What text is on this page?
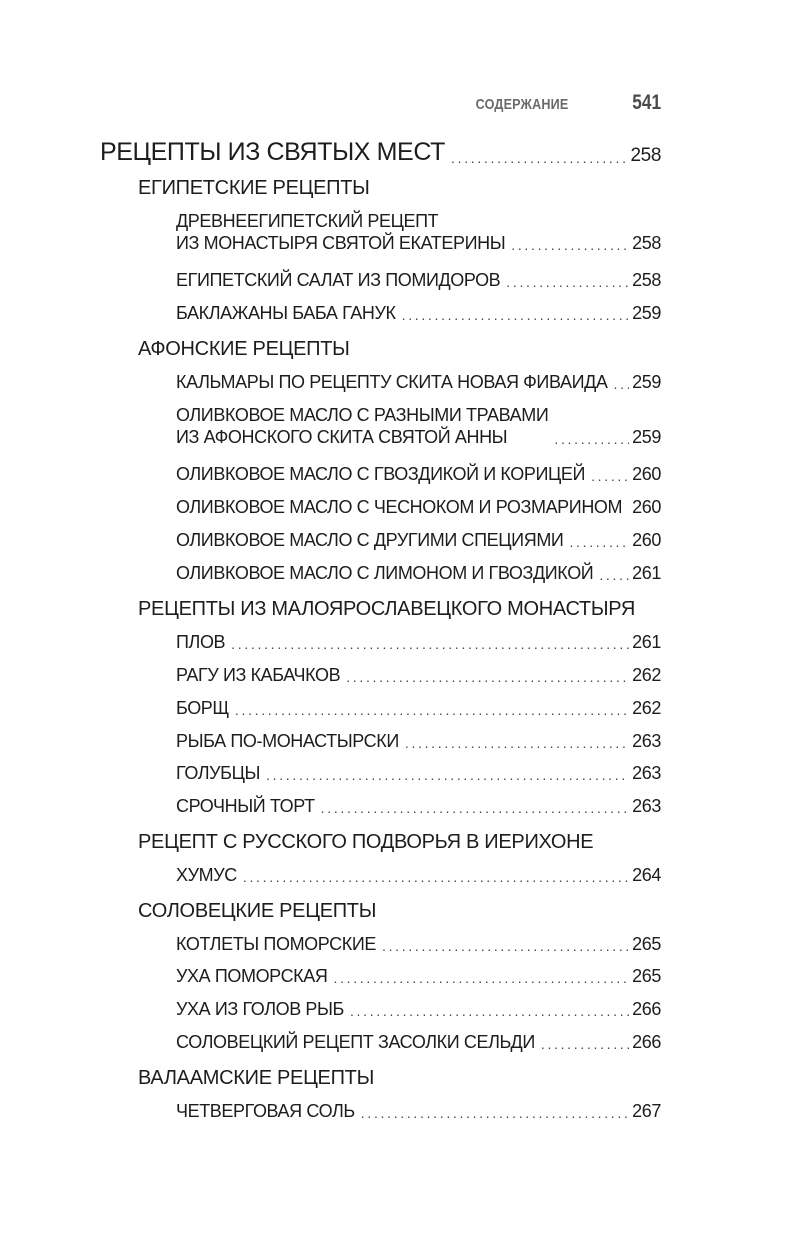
СОДЕРЖАНИЕ	541
РЕЦЕПТЫ ИЗ СВЯТЫХ МЕСТ . . .	258
ЕГИПЕТСКИЕ РЕЦЕПТЫ
ДРЕВНЕЕГИПЕТСКИЙ РЕЦЕПТ
ИЗ МОНАСТЫРЯ СВЯТОЙ ЕКАТЕРИНЫ . . .	258
ЕГИПЕТСКИЙ САЛАТ ИЗ ПОМИДОРОВ . . .	258
БАКЛАЖАНЫ БАБА ГАНУК . . .	259
АФОНСКИЕ РЕЦЕПТЫ
КАЛЬМАРЫ ПО РЕЦЕПТУ СКИТА НОВАЯ ФИВАИДА . . . 259
ОЛИВКОВОЕ МАСЛО С РАЗНЫМИ ТРАВАМИ
ИЗ АФОНСКОГО СКИТА СВЯТОЙ АННЫ . . .	259
ОЛИВКОВОЕ МАСЛО С ГВОЗДИКОЙ И КОРИЦЕЙ . . .	260
ОЛИВКОВОЕ МАСЛО С ЧЕСНОКОМ И РОЗМАРИНОМ . . . 260
ОЛИВКОВОЕ МАСЛО С ДРУГИМИ СПЕЦИЯМИ . . .	260
ОЛИВКОВОЕ МАСЛО С ЛИМОНОМ И ГВОЗДИКОЙ . . . 261
РЕЦЕПТЫ ИЗ МАЛОЯРОСЛАВЕЦКОГО МОНАСТЫРЯ
ПЛОВ . . .	261
РАГУ ИЗ КАБАЧКОВ . . .	262
БОРЩ . . .	262
РЫБА ПО-МОНАСТЫРСКИ . . .	263
ГОЛУБЦЫ . . .	263
СРОЧНЫЙ ТОРТ . . .	263
РЕЦЕПТ С РУССКОГО ПОДВОРЬЯ В ИЕРИХОНЕ
ХУМУС . . .	264
СОЛОВЕЦКИЕ РЕЦЕПТЫ
КОТЛЕТЫ ПОМОРСКИЕ . . .	265
УХА ПОМОРСКАЯ . . .	265
УХА ИЗ ГОЛОВ РЫБ . . .	266
СОЛОВЕЦКИЙ РЕЦЕПТ ЗАСОЛКИ СЕЛЬДИ . . .	266
ВАЛААМСКИЕ РЕЦЕПТЫ
ЧЕТВЕРГОВАЯ СОЛЬ . . .	267
